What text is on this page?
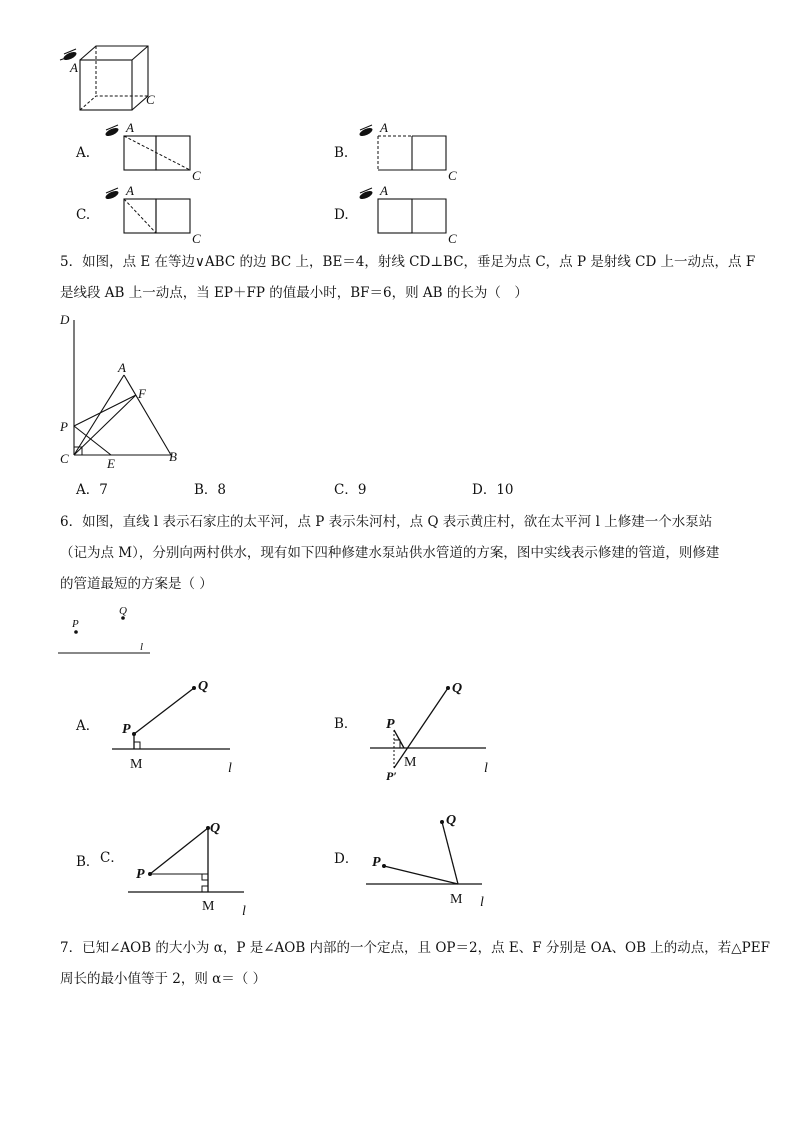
A
C
A.
A
C
B.
A
C
C.
A
C
D.
A
C
5．如图，点 E 在等边∨ABC 的边 BC 上，BE＝4，射线 CD⊥BC，垂足为点 C，点 P 是射线 CD 上一动点，点 F
是线段 AB 上一动点，当 EP＋FP 的值最小时，BF＝6，则 AB 的长为（　）
D
A
F
P
C	E	B
A．7	B．8	C．9	D．10
6．如图，直线 l 表示石家庄的太平河，点 P 表示朱河村，点 Q 表示黄庄村，欲在太平河 l 上修建一个水泵站
（记为点 M），分别向两村供水，现有如下四种修建水泵站供水管道的方案，图中实线表示修建的管道，则修建
的管道最短的方案是（ ）
P
Q
l
A． P
Q
M	l
B． P
Q
M
P′	l
B． C．
P
Q
M l
D． P
Q
M l
7．已知∠AOB 的大小为 α，P 是∠AOB 内部的一个定点，且 OP＝2，点 E、F 分别是 OA、OB 上的动点，若△PEF
周长的最小值等于 2，则 α＝（ ）
